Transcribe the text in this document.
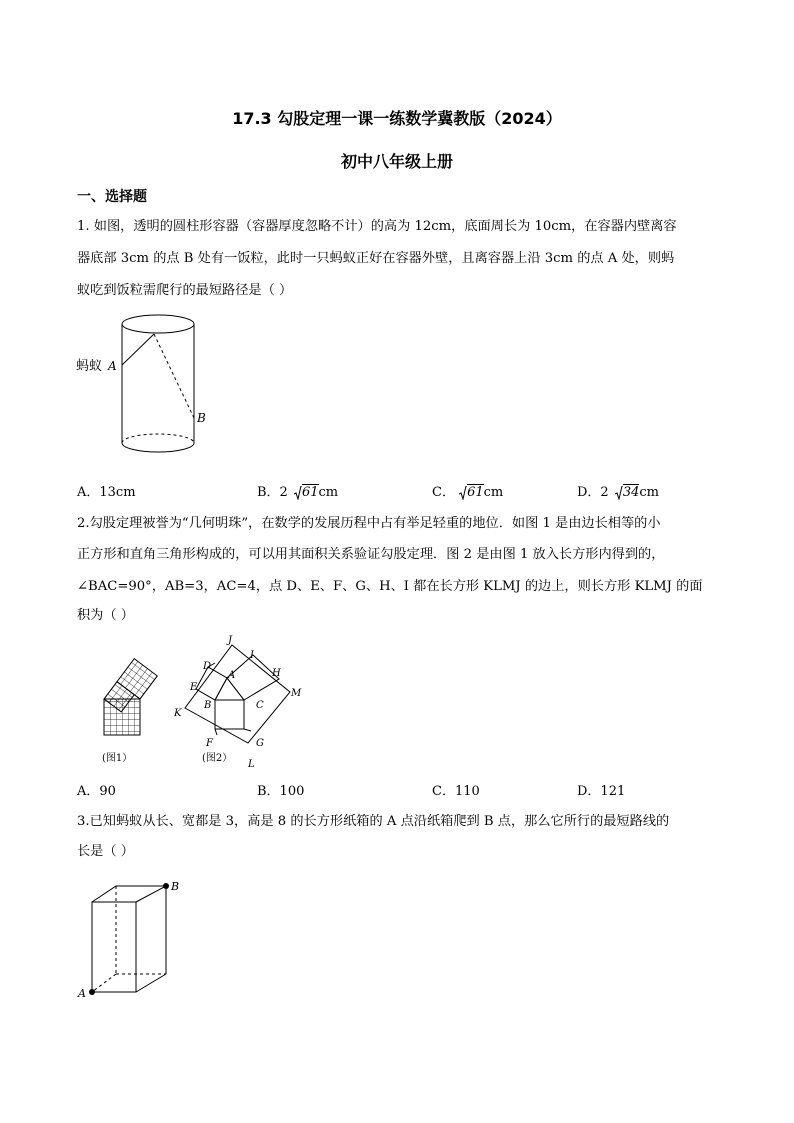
17.3 勾股定理一课一练数学冀教版（2024）
初中八年级上册
一、选择题
1. 如图，透明的圆柱形容器（容器厚度忽略不计）的高为 12cm，底面周长为 10cm，在容器内壁离容
器底部 3cm 的点 B 处有一饭粒，此时一只蚂蚁正好在容器外壁，且离容器上沿 3cm 的点 A 处，则蚂
蚁吃到饭粒需爬行的最短路径是（ ）
蚂蚁 A
B
A．13cm	B．2 61cm	C． 61cm	D．2 34cm
2.勾股定理被誉为“几何明珠”，在数学的发展历程中占有举足轻重的地位．如图 1 是由边长相等的小
正方形和直角三角形构成的，可以用其面积关系验证勾股定理．图 2 是由图 1 放入长方形内得到的，
∠BAC=90°，AB=3，AC=4，点 D、E、F、G、H、I 都在长方形 KLMJ 的边上，则长方形 KLMJ 的面
积为（ ）
(图1）
J
D
I
A	H
E
M
B	C
K
F	G
L
(图2）
A．90	B．100	C．110	D．121
3.已知蚂蚁从长、宽都是 3，高是 8 的长方形纸箱的 A 点沿纸箱爬到 B 点，那么它所行的最短路线的
长是（ ）
B
A
